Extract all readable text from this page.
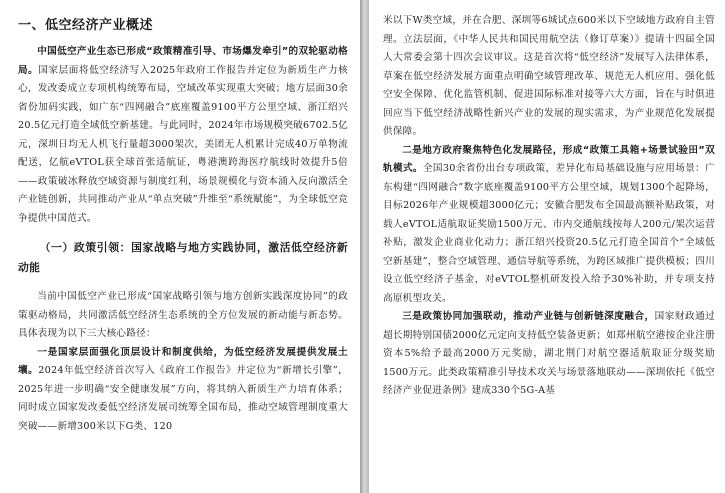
一、低空经济产业概述

中国低空产业生态已形成“政策精准引导、市场爆发牵引”的双轮驱动格局。国家层面将低空经济写入2025年政府工作报告并定位为新质生产力核心，发改委成立专项机构统筹布局，空域改革实现重大突破；地方层面30余省份加码实践，如广东“四网融合”底座覆盖9100平方公里空域、浙江绍兴20.5亿元打造全域低空新基建。与此同时，2024年市场规模突破6702.5亿元，深圳日均无人机飞行量超3000架次，美团无人机累计完成40万单物流配送，亿航eVTOL获全球首张适航证，粤港澳跨海医疗航线时效提升5倍——政策破冰释放空域资源与制度红利，场景规模化与资本涌入反向激活全产业链创新，共同推动产业从“单点突破”升维至“系统赋能”，为全球低空竞争提供中国范式。

（一）政策引领：国家战略与地方实践协同，激活低空经济新动能

当前中国低空产业已形成“国家战略引领与地方创新实践深度协同”的政策驱动格局，共同激活低空经济生态系统的全方位发展的新动能与新态势。具体表现为以下三大核心路径：

一是国家层面强化顶层设计和制度供给，为低空经济发展提供发展土壤。2024年低空经济首次写入《政府工作报告》并定位为“新增长引擎”，2025年进一步明确“安全健康发展”方向，将其纳入新质生产力培育体系；同时成立国家发改委低空经济发展司统筹全国布局，推动空域管理制度重大突破——新增300米以下G类、120

米以下W类空域，并在合肥、深圳等6城试点600米以下空域地方政府自主管理。立法层面，《中华人民共和国民用航空法（修订草案）》提请十四届全国人大常委会第十四次会议审议。这是首次将“低空经济”发展写入法律体系，草案在低空经济发展方面重点明确空域管理改革、规范无人机应用、强化低空安全保障、优化监管机制、促进国际标准对接等六大方面，旨在与时俱进回应当下低空经济战略性新兴产业的发展的现实需求，为产业规范化发展提供保障。

二是地方政府聚焦特色化发展路径，形成“政策工具箱+场景试验田”双轨模式。全国30余省份出台专项政策，差异化布局基础设施与应用场景：广东构建“四网融合”数字底座覆盖9100平方公里空域，规划1300个起降场，目标2026年产业规模超3000亿元；安徽合肥发布全国最高额补贴政策，对载人eVTOL适航取证奖励1500万元、市内交通航线按每人200元/架次运营补贴，激发企业商业化动力；浙江绍兴投资20.5亿元打造全国首个“全域低空新基建”，整合空域管理、通信导航等系统，为跨区域推广提供模板；四川设立低空经济子基金，对eVTOL整机研发投入给予30%补助，并专项支持高原机型攻关。

三是政策协同加强联动，推动产业链与创新链深度融合，国家财政通过超长期特别国债2000亿元定向支持低空装备更新；如郑州航空港按企业注册资本5%给予最高2000万元奖励，湖北荆门对航空器适航取证分级奖励1500万元。此类政策精准引导技术攻关与场景落地联动——深圳依托《低空经济产业促进条例》建成330个5G-A基
